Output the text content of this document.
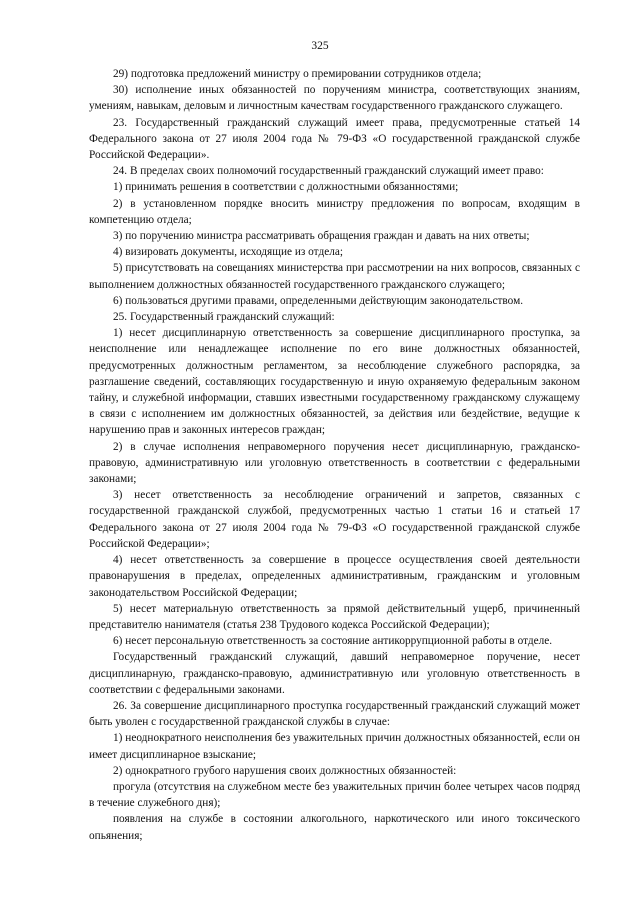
325

29) подготовка предложений министру о премировании сотрудников отдела;

30) исполнение иных обязанностей по поручениям министра, соответствующих знаниям, умениям, навыкам, деловым и личностным качествам государственного гражданского служащего.

23. Государственный гражданский служащий имеет права, предусмотренные статьей 14 Федерального закона от 27 июля 2004 года № 79-ФЗ «О государственной гражданской службе Российской Федерации».

24. В пределах своих полномочий государственный гражданский служащий имеет право:

1) принимать решения в соответствии с должностными обязанностями;

2) в установленном порядке вносить министру предложения по вопросам, входящим в компетенцию отдела;

3) по поручению министра рассматривать обращения граждан и давать на них ответы;

4) визировать документы, исходящие из отдела;

5) присутствовать на совещаниях министерства при рассмотрении на них вопросов, связанных с выполнением должностных обязанностей государственного гражданского служащего;

6) пользоваться другими правами, определенными действующим законодательством.

25. Государственный гражданский служащий:

1) несет дисциплинарную ответственность за совершение дисциплинарного проступка, за неисполнение или ненадлежащее исполнение по его вине должностных обязанностей, предусмотренных должностным регламентом, за несоблюдение служебного распорядка, за разглашение сведений, составляющих государственную и иную охраняемую федеральным законом тайну, и служебной информации, ставших известными государственному гражданскому служащему в связи с исполнением им должностных обязанностей, за действия или бездействие, ведущие к нарушению прав и законных интересов граждан;

2) в случае исполнения неправомерного поручения несет дисциплинарную, гражданско-правовую, административную или уголовную ответственность в соответствии с федеральными законами;

3) несет ответственность за несоблюдение ограничений и запретов, связанных с государственной гражданской службой, предусмотренных частью 1 статьи 16 и статьей 17 Федерального закона от 27 июля 2004 года № 79-ФЗ «О государственной гражданской службе Российской Федерации»;

4) несет ответственность за совершение в процессе осуществления своей деятельности правонарушения в пределах, определенных административным, гражданским и уголовным законодательством Российской Федерации;

5) несет материальную ответственность за прямой действительный ущерб, причиненный представителю нанимателя (статья 238 Трудового кодекса Российской Федерации);

6) несет персональную ответственность за состояние антикоррупционной работы в отделе.

Государственный гражданский служащий, давший неправомерное поручение, несет дисциплинарную, гражданско-правовую, административную или уголовную ответственность в соответствии с федеральными законами.

26. За совершение дисциплинарного проступка государственный гражданский служащий может быть уволен с государственной гражданской службы в случае:

1) неоднократного неисполнения без уважительных причин должностных обязанностей, если он имеет дисциплинарное взыскание;

2) однократного грубого нарушения своих должностных обязанностей:

прогула (отсутствия на служебном месте без уважительных причин более четырех часов подряд в течение служебного дня);

появления на службе в состоянии алкогольного, наркотического или иного токсического опьянения;
